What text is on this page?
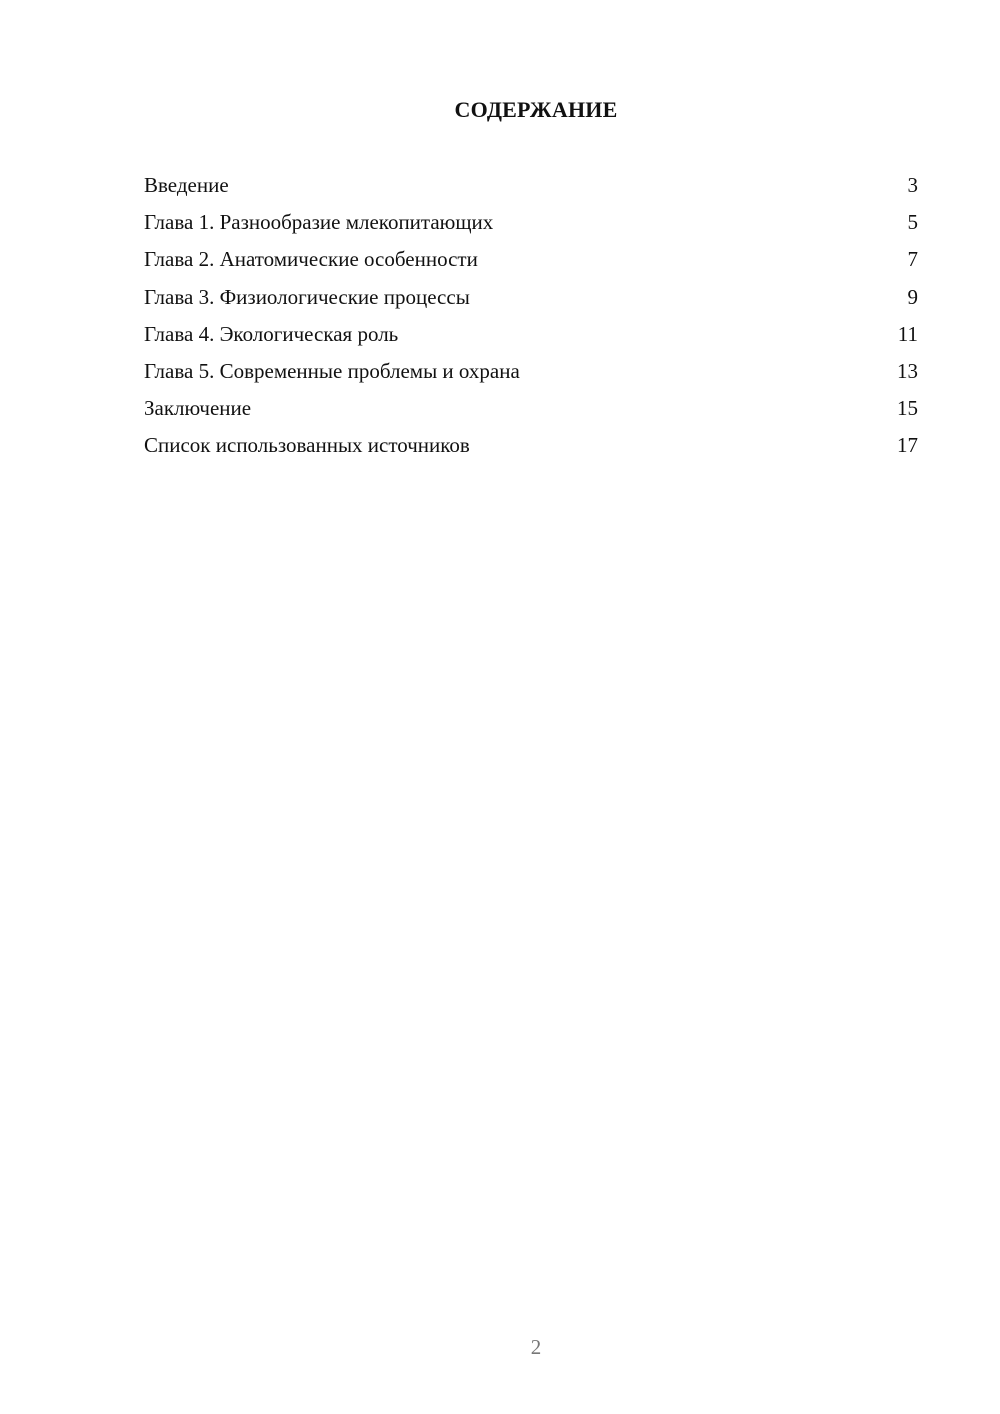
СОДЕРЖАНИЕ
Введение	3
Глава 1. Разнообразие млекопитающих	5
Глава 2. Анатомические особенности	7
Глава 3. Физиологические процессы	9
Глава 4. Экологическая роль	11
Глава 5. Современные проблемы и охрана	13
Заключение	15
Список использованных источников	17
2
